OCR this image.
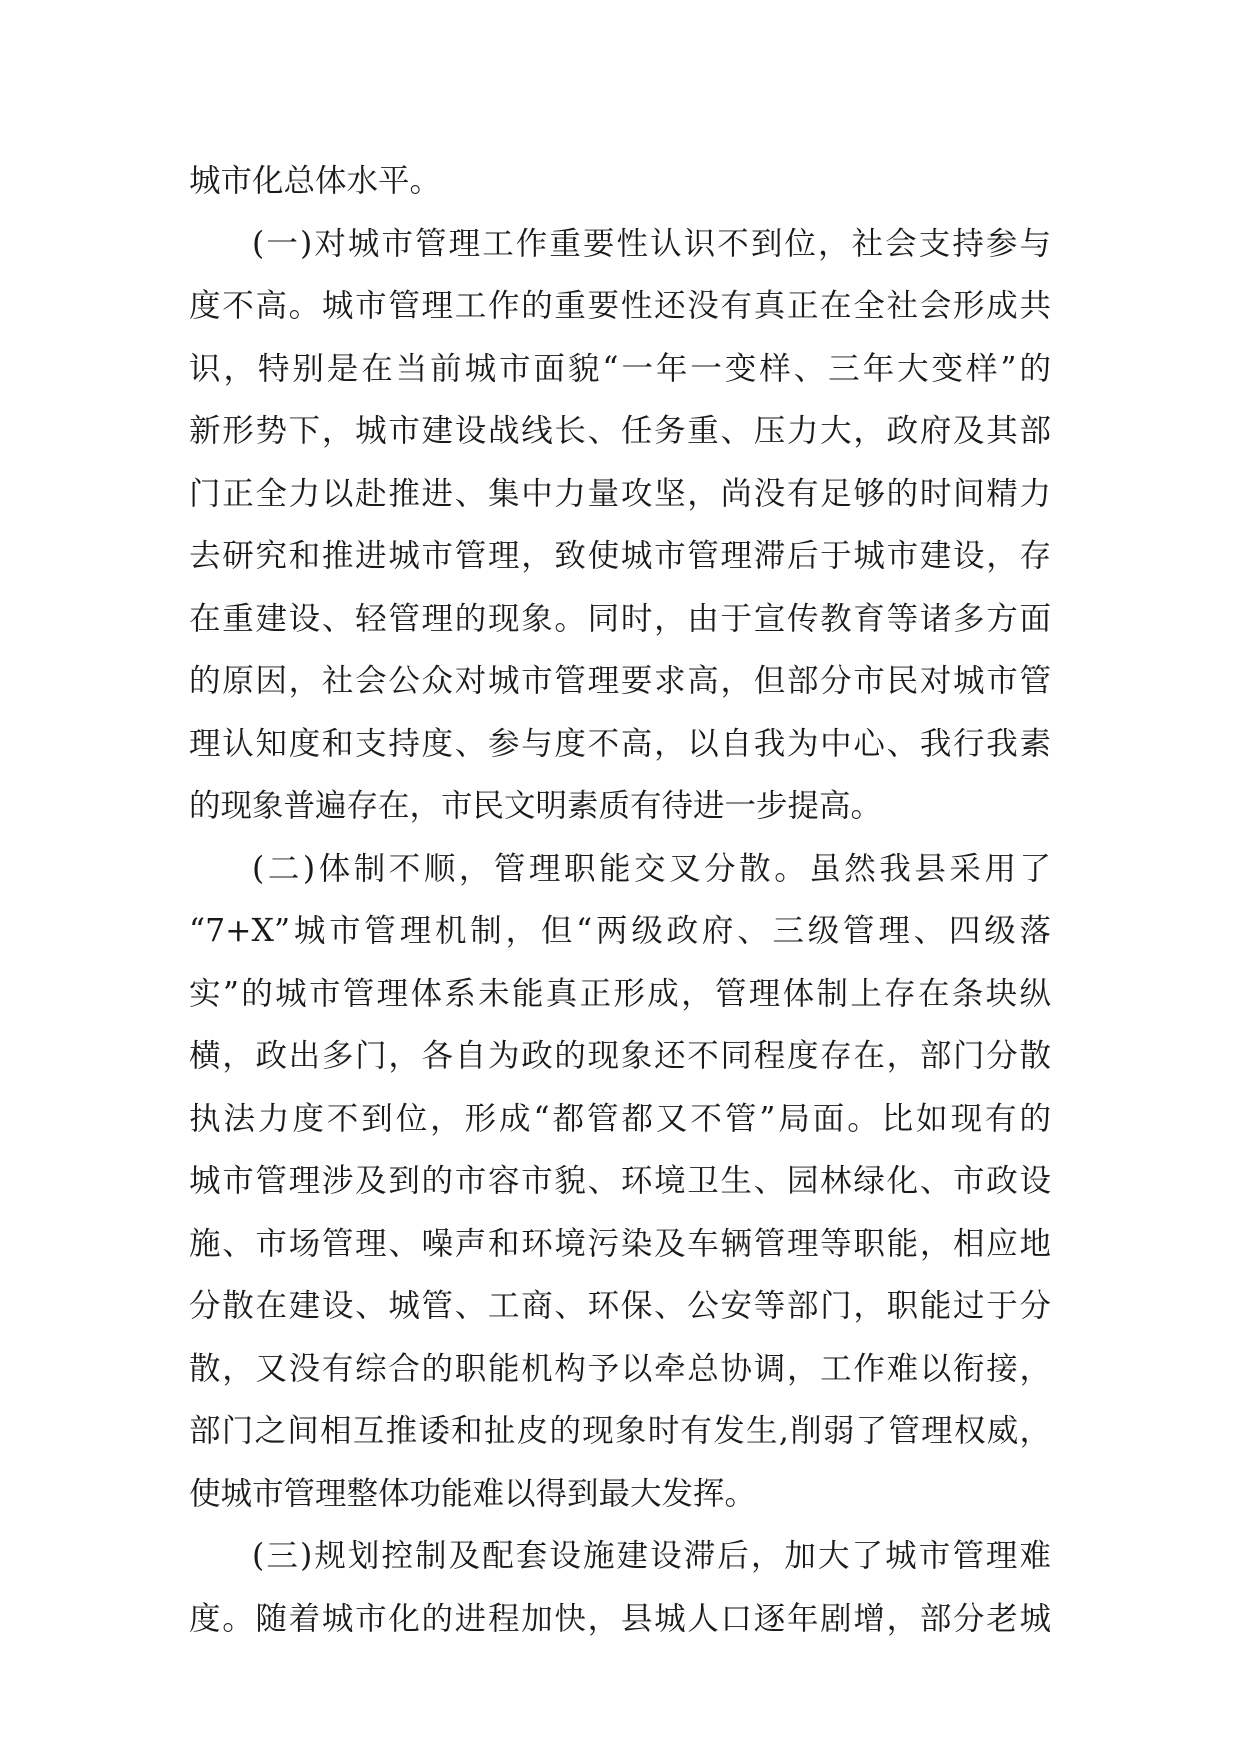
城市化总体水平。
(一)对城市管理工作重要性认识不到位，社会支持参与
度不高。城市管理工作的重要性还没有真正在全社会形成共
识，特别是在当前城市面貌“一年一变样、三年大变样”的
新形势下，城市建设战线长、任务重、压力大，政府及其部
门正全力以赴推进、集中力量攻坚，尚没有足够的时间精力
去研究和推进城市管理，致使城市管理滞后于城市建设，存
在重建设、轻管理的现象。同时，由于宣传教育等诸多方面
的原因，社会公众对城市管理要求高，但部分市民对城市管
理认知度和支持度、参与度不高，以自我为中心、我行我素
的现象普遍存在，市民文明素质有待进一步提高。
(二)体制不顺，管理职能交叉分散。虽然我县采用了
“7+X”城市管理机制，但“两级政府、三级管理、四级落
实”的城市管理体系未能真正形成，管理体制上存在条块纵
横，政出多门，各自为政的现象还不同程度存在，部门分散
执法力度不到位，形成“都管都又不管”局面。比如现有的
城市管理涉及到的市容市貌、环境卫生、园林绿化、市政设
施、市场管理、噪声和环境污染及车辆管理等职能，相应地
分散在建设、城管、工商、环保、公安等部门，职能过于分
散，又没有综合的职能机构予以牵总协调，工作难以衔接，
部门之间相互推诿和扯皮的现象时有发生,削弱了管理权威，
使城市管理整体功能难以得到最大发挥。
(三)规划控制及配套设施建设滞后，加大了城市管理难
度。随着城市化的进程加快，县城人口逐年剧增，部分老城
